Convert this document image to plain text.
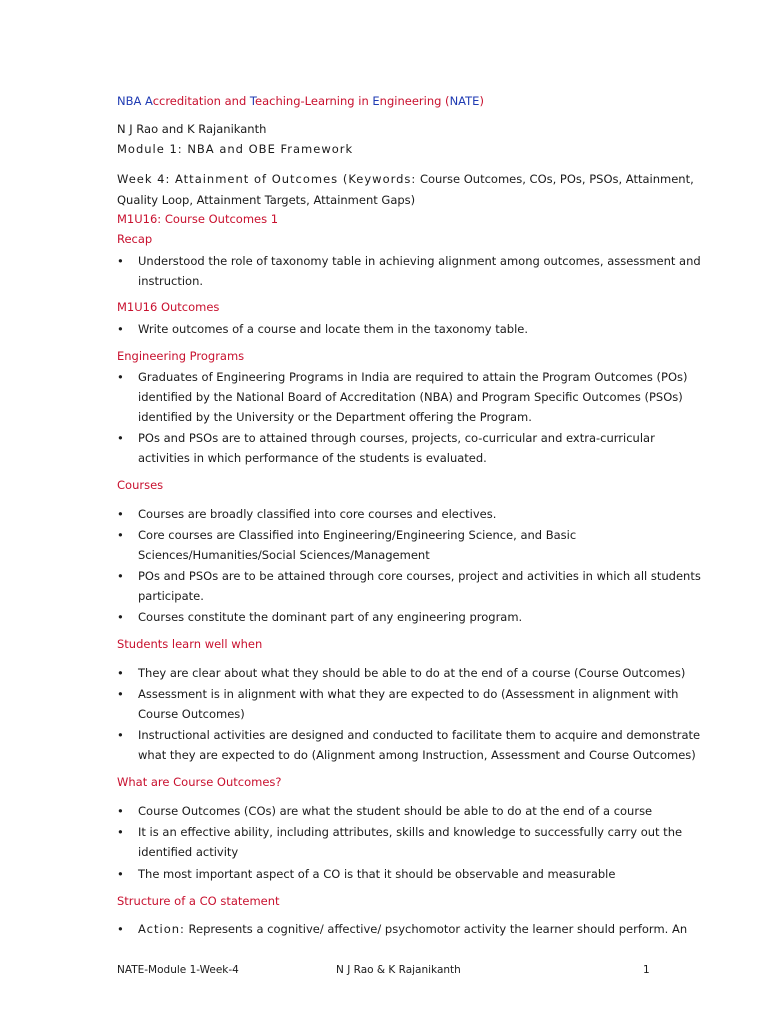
NBA Accreditation and Teaching-Learning in Engineering (NATE)
N J Rao and K Rajanikanth
Module 1: NBA and OBE Framework
Week 4: Attainment of Outcomes (Keywords: Course Outcomes, COs, POs, PSOs, Attainment,
Quality Loop, Attainment Targets, Attainment Gaps)
M1U16: Course Outcomes 1
Recap
• Understood the role of taxonomy table in achieving alignment among outcomes, assessment and
instruction.
M1U16 Outcomes
• Write outcomes of a course and locate them in the taxonomy table.
Engineering Programs
• Graduates of Engineering Programs in India are required to attain the Program Outcomes (POs)
identified by the National Board of Accreditation (NBA) and Program Specific Outcomes (PSOs)
identified by the University or the Department offering the Program.
• POs and PSOs are to attained through courses, projects, co-curricular and extra-curricular
activities in which performance of the students is evaluated.
Courses
• Courses are broadly classified into core courses and electives.
• Core courses are Classified into Engineering/Engineering Science, and Basic
Sciences/Humanities/Social Sciences/Management
• POs and PSOs are to be attained through core courses, project and activities in which all students
participate.
• Courses constitute the dominant part of any engineering program.
Students learn well when
• They are clear about what they should be able to do at the end of a course (Course Outcomes)
• Assessment is in alignment with what they are expected to do (Assessment in alignment with
Course Outcomes)
• Instructional activities are designed and conducted to facilitate them to acquire and demonstrate
what they are expected to do (Alignment among Instruction, Assessment and Course Outcomes)
What are Course Outcomes?
• Course Outcomes (COs) are what the student should be able to do at the end of a course
• It is an effective ability, including attributes, skills and knowledge to successfully carry out the
identified activity
• The most important aspect of a CO is that it should be observable and measurable
Structure of a CO statement
• Action: Represents a cognitive/ affective/ psychomotor activity the learner should perform. An
NATE-Module 1-Week-4	N J Rao & K Rajanikanth	1
